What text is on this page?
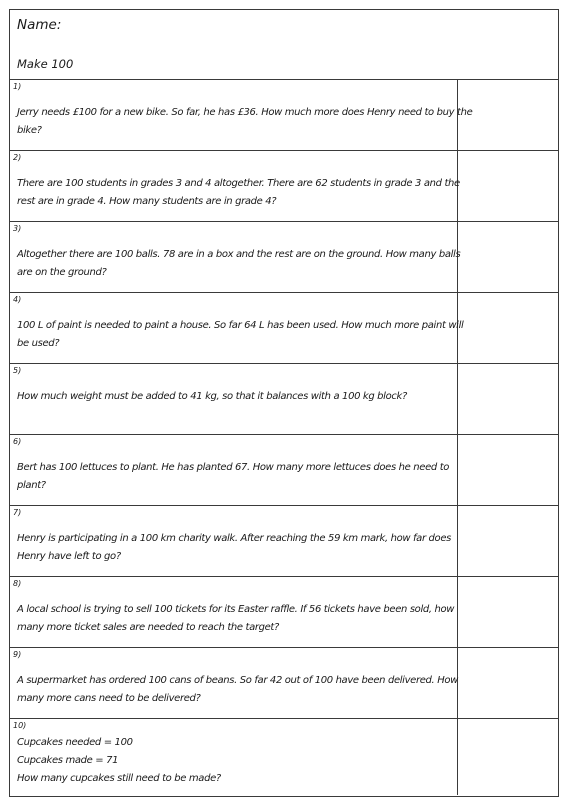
Name:
Make 100
1)
Jerry needs £100 for a new bike. So far, he has £36. How much more does Henry need to buy the
bike?
2)
There are 100 students in grades 3 and 4 altogether. There are 62 students in grade 3 and the
rest are in grade 4. How many students are in grade 4?
3)
Altogether there are 100 balls. 78 are in a box and the rest are on the ground. How many balls
are on the ground?
4)
100 L of paint is needed to paint a house. So far 64 L has been used. How much more paint will
be used?
5)
How much weight must be added to 41 kg, so that it balances with a 100 kg block?
6)
Bert has 100 lettuces to plant. He has planted 67. How many more lettuces does he need to
plant?
7)
Henry is participating in a 100 km charity walk. After reaching the 59 km mark, how far does
Henry have left to go?
8)
A local school is trying to sell 100 tickets for its Easter raffle. If 56 tickets have been sold, how
many more ticket sales are needed to reach the target?
9)
A supermarket has ordered 100 cans of beans. So far 42 out of 100 have been delivered. How
many more cans need to be delivered?
10)
Cupcakes needed = 100
Cupcakes made = 71
How many cupcakes still need to be made?
